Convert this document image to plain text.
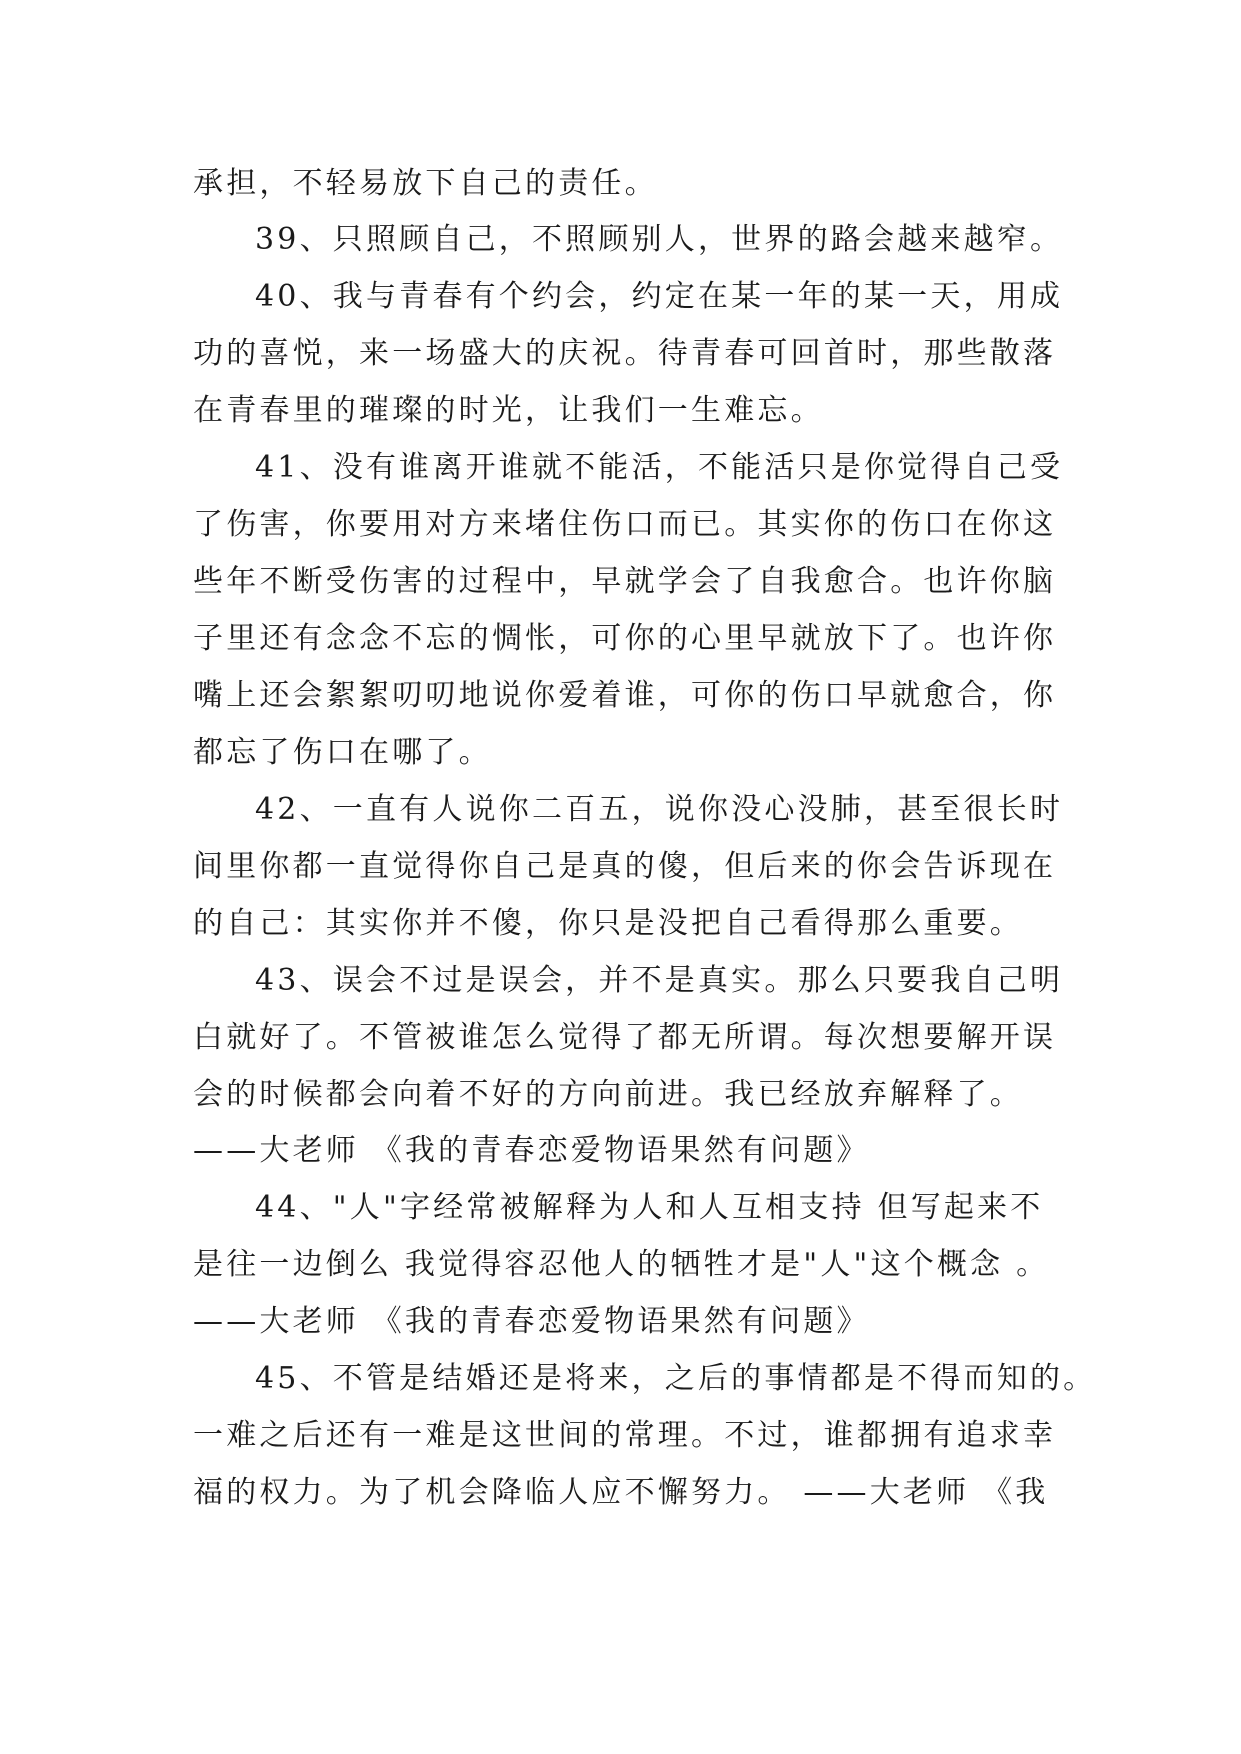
承担，不轻易放下自己的责任。
39、只照顾自己，不照顾别人，世界的路会越来越窄。
40、我与青春有个约会，约定在某一年的某一天，用成
功的喜悦，来一场盛大的庆祝。待青春可回首时，那些散落
在青春里的璀璨的时光，让我们一生难忘。
41、没有谁离开谁就不能活，不能活只是你觉得自己受
了伤害，你要用对方来堵住伤口而已。其实你的伤口在你这
些年不断受伤害的过程中，早就学会了自我愈合。也许你脑
子里还有念念不忘的惆怅，可你的心里早就放下了。也许你
嘴上还会絮絮叨叨地说你爱着谁，可你的伤口早就愈合，你
都忘了伤口在哪了。
42、一直有人说你二百五，说你没心没肺，甚至很长时
间里你都一直觉得你自己是真的傻，但后来的你会告诉现在
的自己：其实你并不傻，你只是没把自己看得那么重要。
43、误会不过是误会，并不是真实。那么只要我自己明
白就好了。不管被谁怎么觉得了都无所谓。每次想要解开误
会的时候都会向着不好的方向前进。我已经放弃解释了。
——大老师 《我的青春恋爱物语果然有问题》
44、"人"字经常被解释为人和人互相支持 但写起来不
是往一边倒么 我觉得容忍他人的牺牲才是"人"这个概念 。
——大老师 《我的青春恋爱物语果然有问题》
45、不管是结婚还是将来，之后的事情都是不得而知的。
一难之后还有一难是这世间的常理。不过，谁都拥有追求幸
福的权力。为了机会降临人应不懈努力。 ——大老师 《我
